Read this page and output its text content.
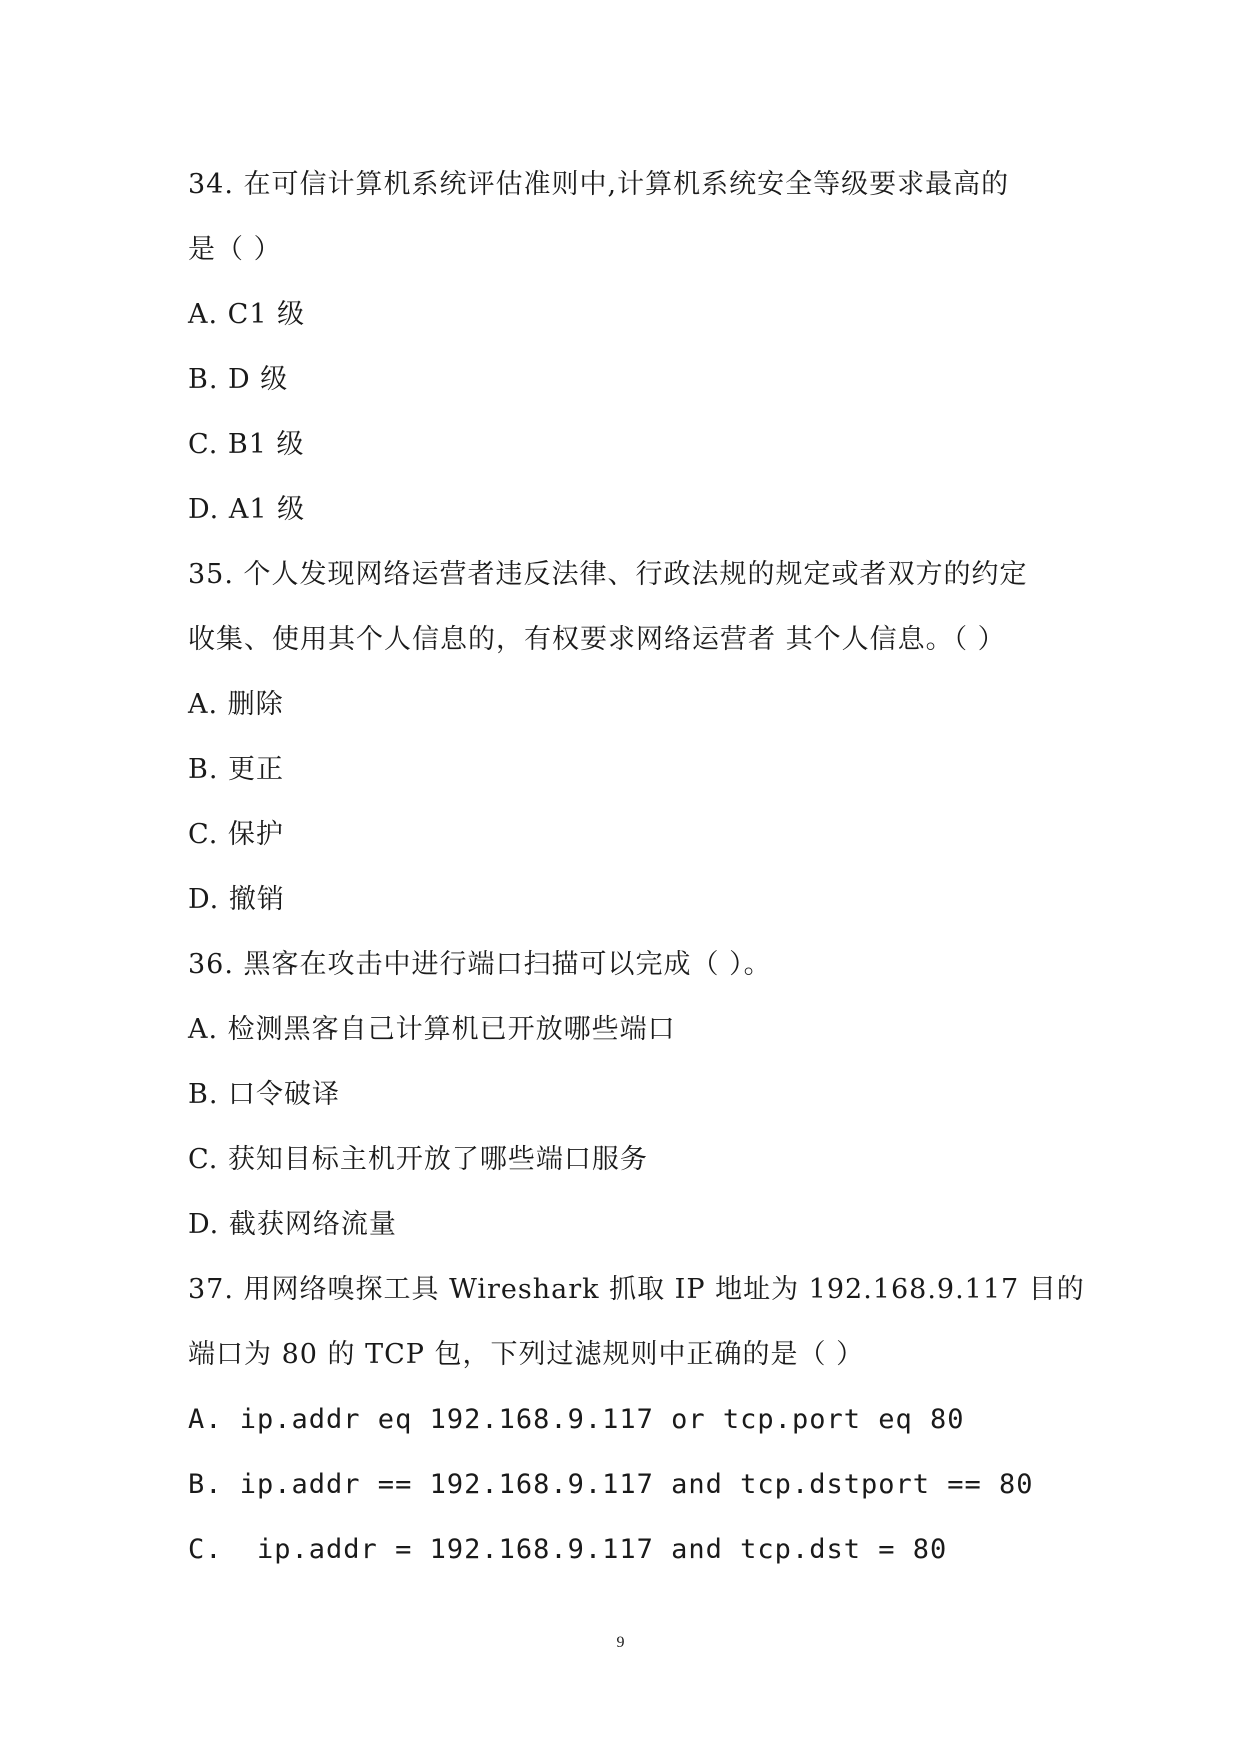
34. 在可信计算机系统评估准则中,计算机系统安全等级要求最高的
是（ ）
A. C1 级
B. D 级
C. B1 级
D. A1 级
35. 个人发现网络运营者违反法律、行政法规的规定或者双方的约定
收集、使用其个人信息的，有权要求网络运营者 其个人信息。（ ）
A. 删除
B. 更正
C. 保护
D. 撤销
36. 黑客在攻击中进行端口扫描可以完成（ ）。
A. 检测黑客自己计算机已开放哪些端口
B. 口令破译
C. 获知目标主机开放了哪些端口服务
D. 截获网络流量
37. 用网络嗅探工具 Wireshark 抓取 IP 地址为 192.168.9.117 目的
端口为 80 的 TCP 包，下列过滤规则中正确的是（ ）
A. ip.addr eq 192.168.9.117 or tcp.port eq 80
B. ip.addr == 192.168.9.117 and tcp.dstport == 80
C.  ip.addr = 192.168.9.117 and tcp.dst = 80
9
